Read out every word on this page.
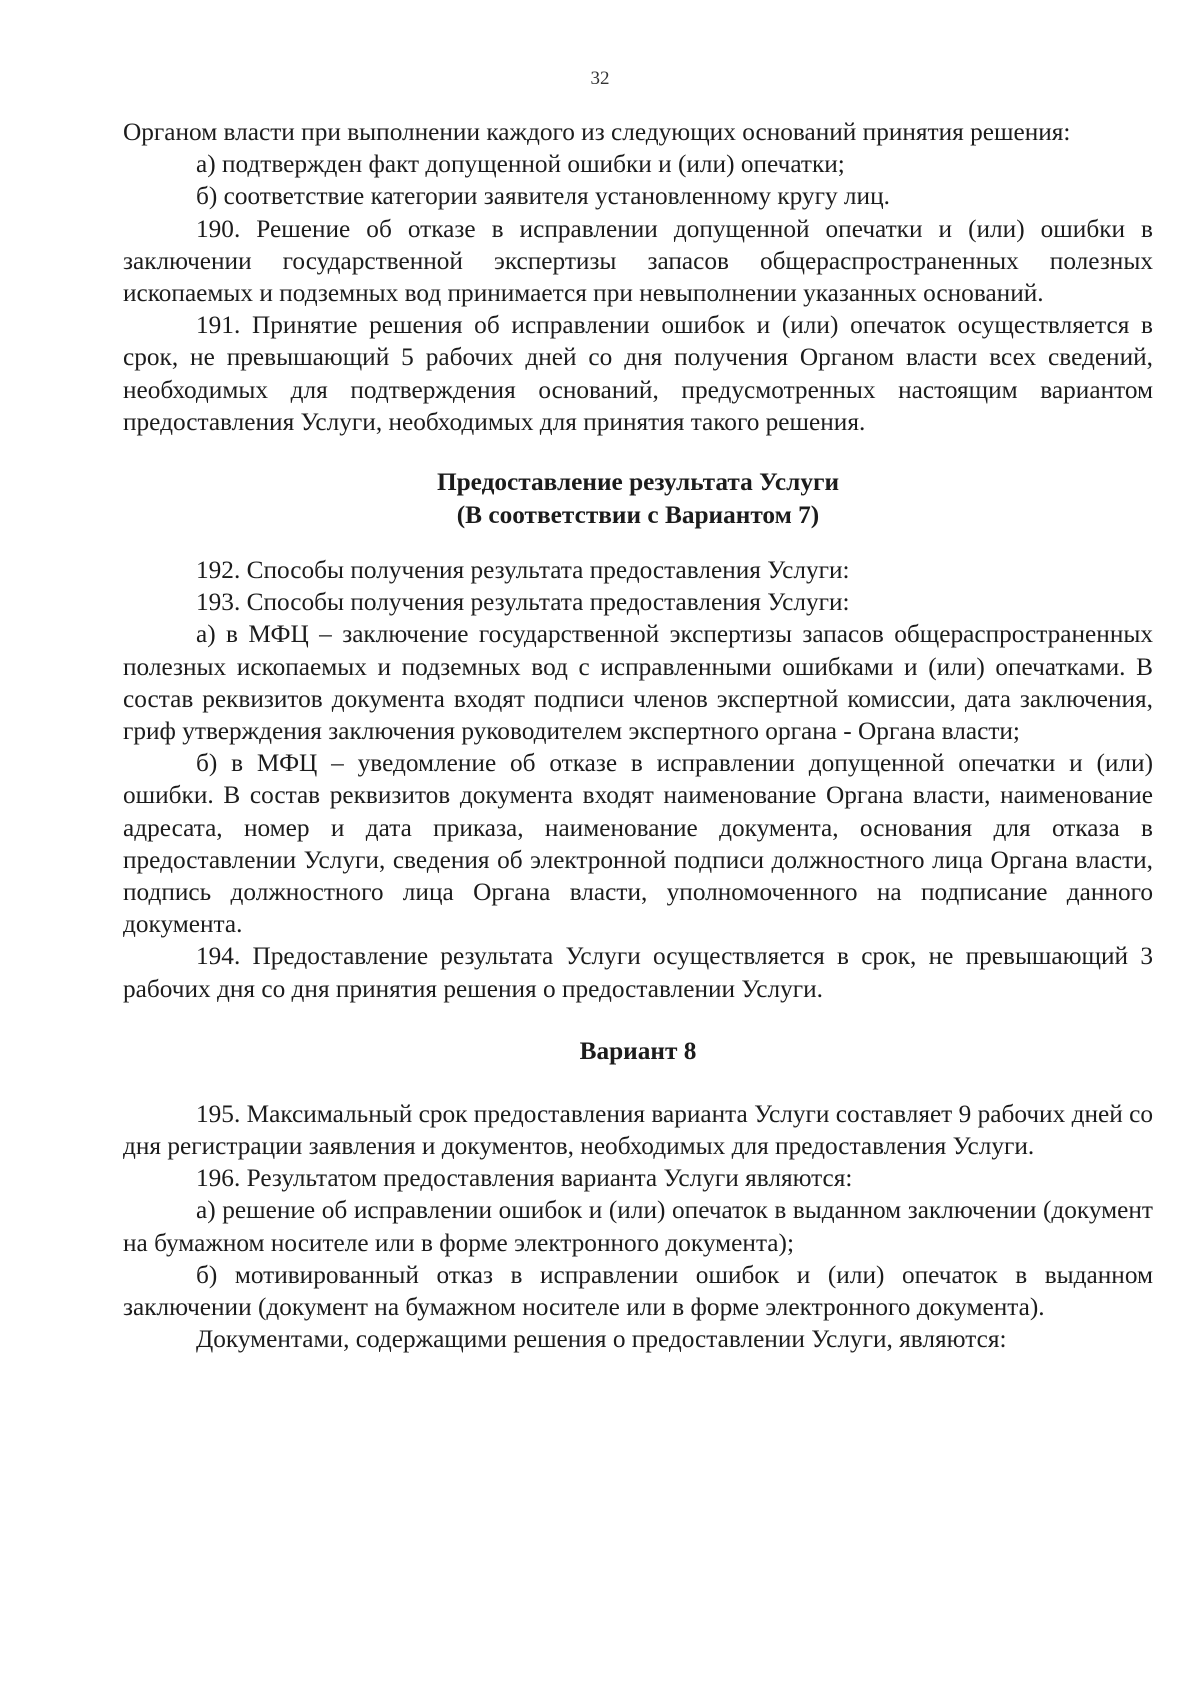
32

Органом власти при выполнении каждого из следующих оснований принятия решения:

а) подтвержден факт допущенной ошибки и (или) опечатки;

б) соответствие категории заявителя установленному кругу лиц.

190. Решение об отказе в исправлении допущенной опечатки и (или) ошибки в заключении государственной экспертизы запасов общераспространенных полезных ископаемых и подземных вод принимается при невыполнении указанных оснований.

191. Принятие решения об исправлении ошибок и (или) опечаток осуществляется в срок, не превышающий 5 рабочих дней со дня получения Органом власти всех сведений, необходимых для подтверждения оснований, предусмотренных настоящим вариантом предоставления Услуги, необходимых для принятия такого решения.

Предоставление результата Услуги
(В соответствии с Вариантом 7)

192. Способы получения результата предоставления Услуги:

193. Способы получения результата предоставления Услуги:

а) в МФЦ – заключение государственной экспертизы запасов общераспространенных полезных ископаемых и подземных вод с исправленными ошибками и (или) опечатками. В состав реквизитов документа входят подписи членов экспертной комиссии, дата заключения, гриф утверждения заключения руководителем экспертного органа - Органа власти;

б) в МФЦ – уведомление об отказе в исправлении допущенной опечатки и (или) ошибки. В состав реквизитов документа входят наименование Органа власти, наименование адресата, номер и дата приказа, наименование документа, основания для отказа в предоставлении Услуги, сведения об электронной подписи должностного лица Органа власти, подпись должностного лица Органа власти, уполномоченного на подписание данного документа.

194. Предоставление результата Услуги осуществляется в срок, не превышающий 3 рабочих дня со дня принятия решения о предоставлении Услуги.

Вариант 8

195. Максимальный срок предоставления варианта Услуги составляет 9 рабочих дней со дня регистрации заявления и документов, необходимых для предоставления Услуги.

196. Результатом предоставления варианта Услуги являются:

а) решение об исправлении ошибок и (или) опечаток в выданном заключении (документ на бумажном носителе или в форме электронного документа);

б) мотивированный отказ в исправлении ошибок и (или) опечаток в выданном заключении (документ на бумажном носителе или в форме электронного документа).

Документами, содержащими решения о предоставлении Услуги, являются:
